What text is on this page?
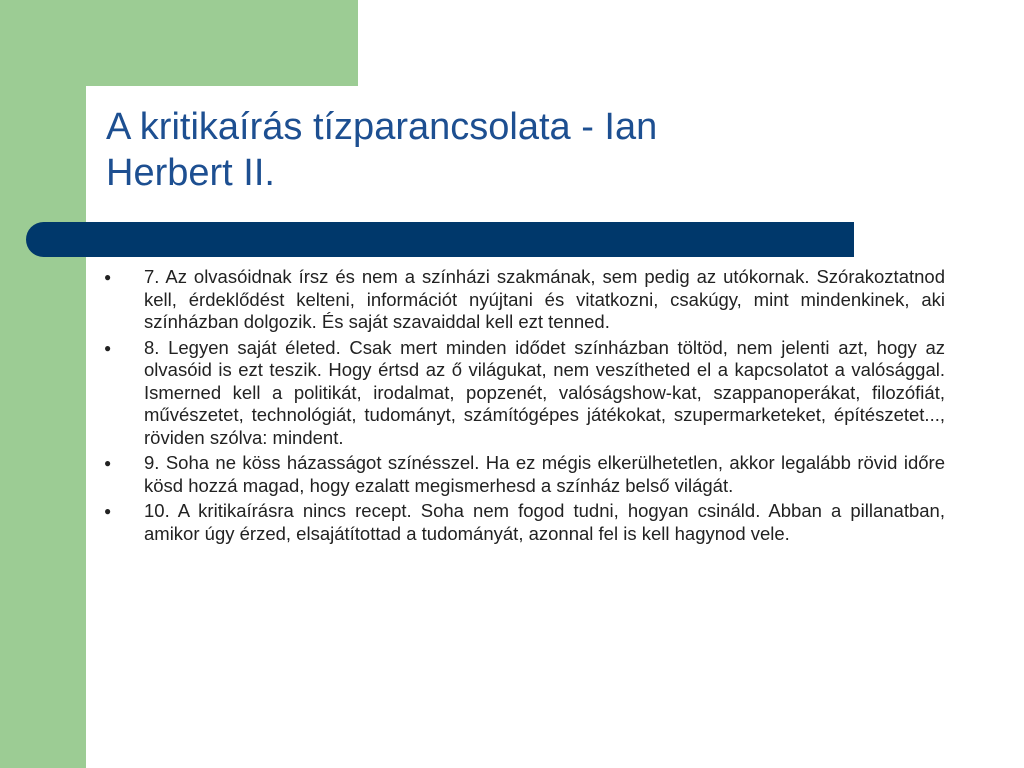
A kritikaírás tízparancsolata - Ian
Herbert II.
● 7. Az olvasóidnak írsz és nem a színházi szakmának, sem pedig az utókornak. Szórakoztatnod kell, érdeklődést kelteni, információt nyújtani és vitatkozni, csakúgy, mint mindenkinek, aki színházban dolgozik. És saját szavaiddal kell ezt tenned.
● 8. Legyen saját életed. Csak mert minden idődet színházban töltöd, nem jelenti azt, hogy az olvasóid is ezt teszik. Hogy értsd az ő világukat, nem veszítheted el a kapcsolatot a valósággal. Ismerned kell a politikát, irodalmat, popzenét, valóságshow-kat, szappanoperákat, filozófiát, művészetet, technológiát, tudományt, számítógépes játékokat, szupermarketeket, építészetet..., röviden szólva: mindent.
● 9. Soha ne köss házasságot színésszel. Ha ez mégis elkerülhetetlen, akkor legalább rövid időre kösd hozzá magad, hogy ezalatt megismerhesd a színház belső világát.
● 10. A kritikaírásra nincs recept. Soha nem fogod tudni, hogyan csináld. Abban a pillanatban, amikor úgy érzed, elsajátítottad a tudományát, azonnal fel is kell hagynod vele.
